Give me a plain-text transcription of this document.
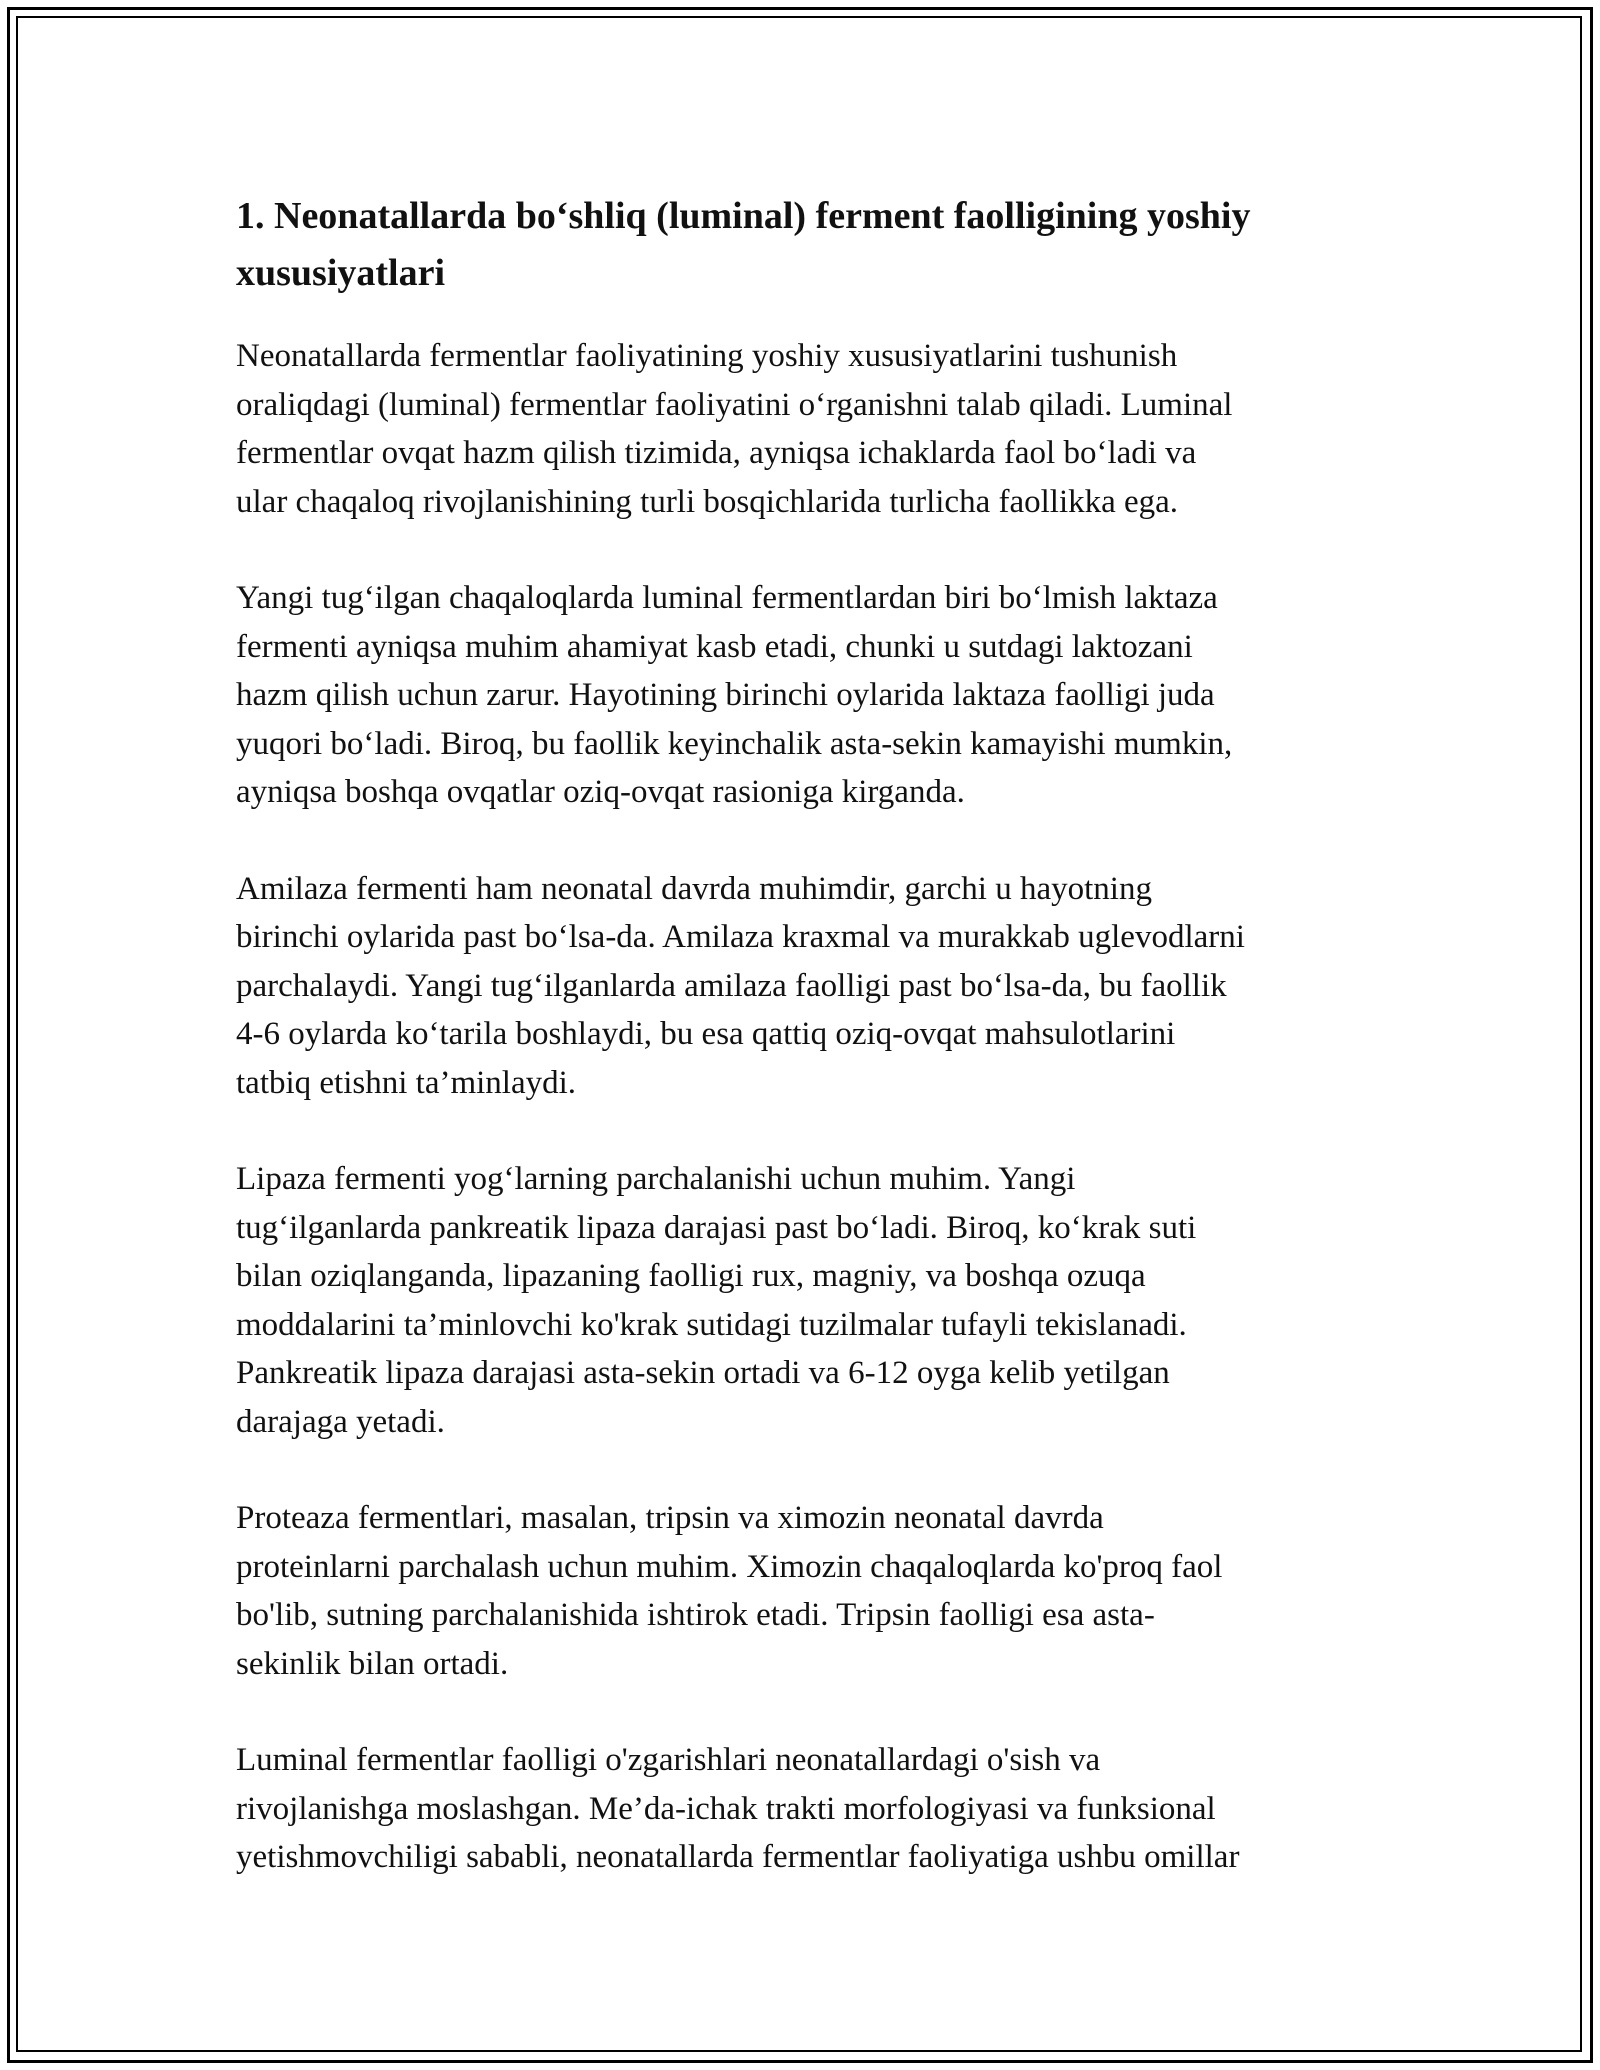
1. Neonatallarda bo‘shliq (luminal) ferment faolligining yoshiy
xususiyatlari

Neonatallarda fermentlar faoliyatining yoshiy xususiyatlarini tushunish
oraliqdagi (luminal) fermentlar faoliyatini o‘rganishni talab qiladi. Luminal
fermentlar ovqat hazm qilish tizimida, ayniqsa ichaklarda faol bo‘ladi va
ular chaqaloq rivojlanishining turli bosqichlarida turlicha faollikka ega.

Yangi tug‘ilgan chaqaloqlarda luminal fermentlardan biri bo‘lmish laktaza
fermenti ayniqsa muhim ahamiyat kasb etadi, chunki u sutdagi laktozani
hazm qilish uchun zarur. Hayotining birinchi oylarida laktaza faolligi juda
yuqori bo‘ladi. Biroq, bu faollik keyinchalik asta-sekin kamayishi mumkin,
ayniqsa boshqa ovqatlar oziq-ovqat rasioniga kirganda.

Amilaza fermenti ham neonatal davrda muhimdir, garchi u hayotning
birinchi oylarida past bo‘lsa-da. Amilaza kraxmal va murakkab uglevodlarni
parchalaydi. Yangi tug‘ilganlarda amilaza faolligi past bo‘lsa-da, bu faollik
4-6 oylarda ko‘tarila boshlaydi, bu esa qattiq oziq-ovqat mahsulotlarini
tatbiq etishni ta’minlaydi.

Lipaza fermenti yog‘larning parchalanishi uchun muhim. Yangi
tug‘ilganlarda pankreatik lipaza darajasi past bo‘ladi. Biroq, ko‘krak suti
bilan oziqlanganda, lipazaning faolligi rux, magniy, va boshqa ozuqa
moddalarini ta’minlovchi ko'krak sutidagi tuzilmalar tufayli tekislanadi.
Pankreatik lipaza darajasi asta-sekin ortadi va 6-12 oyga kelib yetilgan
darajaga yetadi.

Proteaza fermentlari, masalan, tripsin va ximozin neonatal davrda
proteinlarni parchalash uchun muhim. Ximozin chaqaloqlarda ko'proq faol
bo'lib, sutning parchalanishida ishtirok etadi. Tripsin faolligi esa asta-
sekinlik bilan ortadi.

Luminal fermentlar faolligi o'zgarishlari neonatallardagi o'sish va
rivojlanishga moslashgan. Me’da-ichak trakti morfologiyasi va funksional
yetishmovchiligi sababli, neonatallarda fermentlar faoliyatiga ushbu omillar
